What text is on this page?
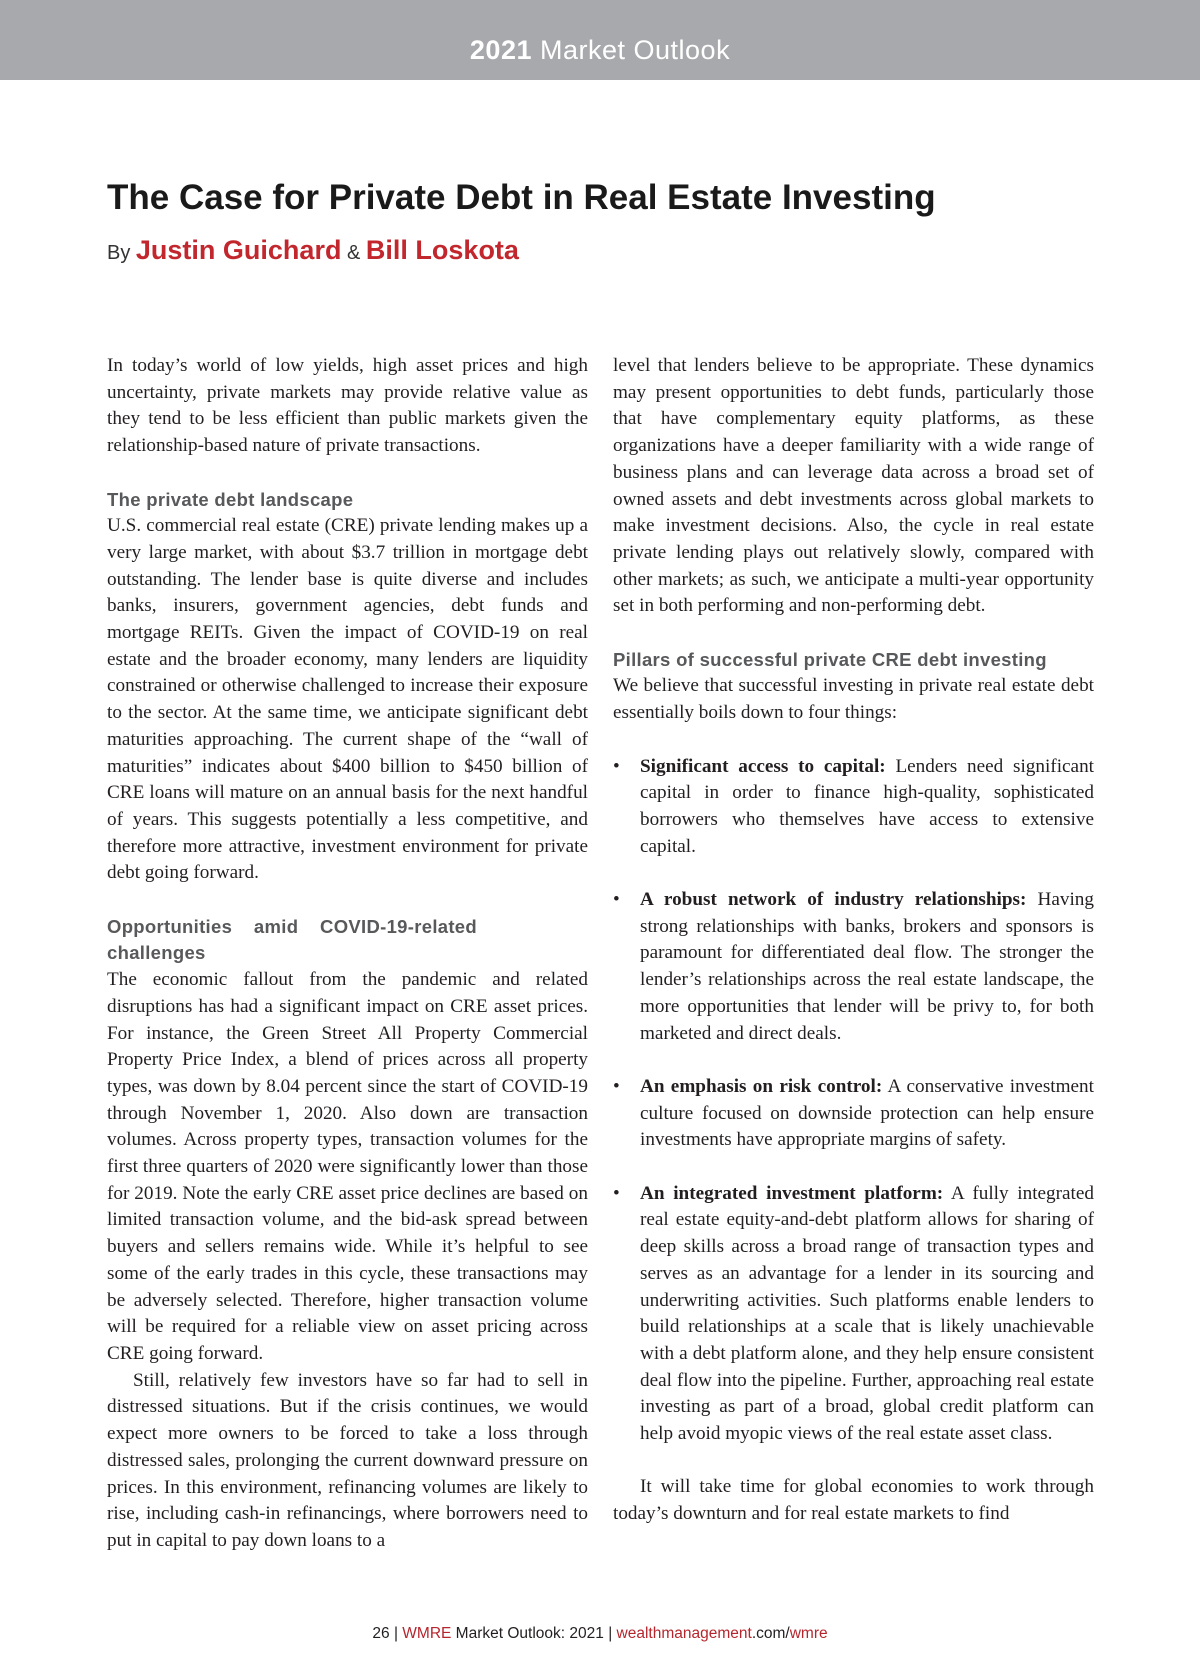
2021 Market Outlook
The Case for Private Debt in Real Estate Investing
By Justin Guichard & Bill Loskota

In today’s world of low yields, high asset prices and high uncertainty, private markets may provide relative value as they tend to be less efficient than public markets given the relationship-based nature of private transactions.

The private debt landscape

U.S. commercial real estate (CRE) private lending makes up a very large market, with about $3.7 trillion in mortgage debt outstanding. The lender base is quite diverse and includes banks, insurers, government agencies, debt funds and mortgage REITs. Given the impact of COVID-19 on real estate and the broader economy, many lenders are liquidity constrained or otherwise challenged to increase their exposure to the sector. At the same time, we anticipate significant debt maturities approaching. The current shape of the “wall of maturities” indicates about $400 billion to $450 billion of CRE loans will mature on an annual basis for the next handful of years. This suggests potentially a less competitive, and therefore more attractive, investment environment for private debt going forward.

Opportunities amid COVID-19-related challenges

The economic fallout from the pandemic and related disruptions has had a significant impact on CRE asset prices. For instance, the Green Street All Property Commercial Property Price Index, a blend of prices across all property types, was down by 8.04 percent since the start of COVID-19 through November 1, 2020. Also down are transaction volumes. Across property types, transaction volumes for the first three quarters of 2020 were significantly lower than those for 2019. Note the early CRE asset price declines are based on limited transaction volume, and the bid-ask spread between buyers and sellers remains wide. While it’s helpful to see some of the early trades in this cycle, these transactions may be adversely selected. Therefore, higher transaction volume will be required for a reliable view on asset pricing across CRE going forward.

Still, relatively few investors have so far had to sell in distressed situations. But if the crisis continues, we would expect more owners to be forced to take a loss through distressed sales, prolonging the current downward pressure on prices. In this environment, refinancing volumes are likely to rise, including cash-in refinancings, where borrowers need to put in capital to pay down loans to a

level that lenders believe to be appropriate. These dynamics may present opportunities to debt funds, particularly those that have complementary equity platforms, as these organizations have a deeper familiarity with a wide range of business plans and can leverage data across a broad set of owned assets and debt investments across global markets to make investment decisions. Also, the cycle in real estate private lending plays out relatively slowly, compared with other markets; as such, we anticipate a multi-year opportunity set in both performing and non-performing debt.

Pillars of successful private CRE debt investing

We believe that successful investing in private real estate debt essentially boils down to four things:

• Significant access to capital: Lenders need significant capital in order to finance high-quality, sophisticated borrowers who themselves have access to extensive capital.
• A robust network of industry relationships: Having strong relationships with banks, brokers and sponsors is paramount for differentiated deal flow. The stronger the lender’s relationships across the real estate landscape, the more opportunities that lender will be privy to, for both marketed and direct deals.
• An emphasis on risk control: A conservative investment culture focused on downside protection can help ensure investments have appropriate margins of safety.
• An integrated investment platform: A fully integrated real estate equity-and-debt platform allows for sharing of deep skills across a broad range of transaction types and serves as an advantage for a lender in its sourcing and underwriting activities. Such platforms enable lenders to build relationships at a scale that is likely unachievable with a debt platform alone, and they help ensure consistent deal flow into the pipeline. Further, approaching real estate investing as part of a broad, global credit platform can help avoid myopic views of the real estate asset class.

It will take time for global economies to work through today’s downturn and for real estate markets to find

26 | WMRE Market Outlook: 2021 | wealthmanagement.com/wmre
